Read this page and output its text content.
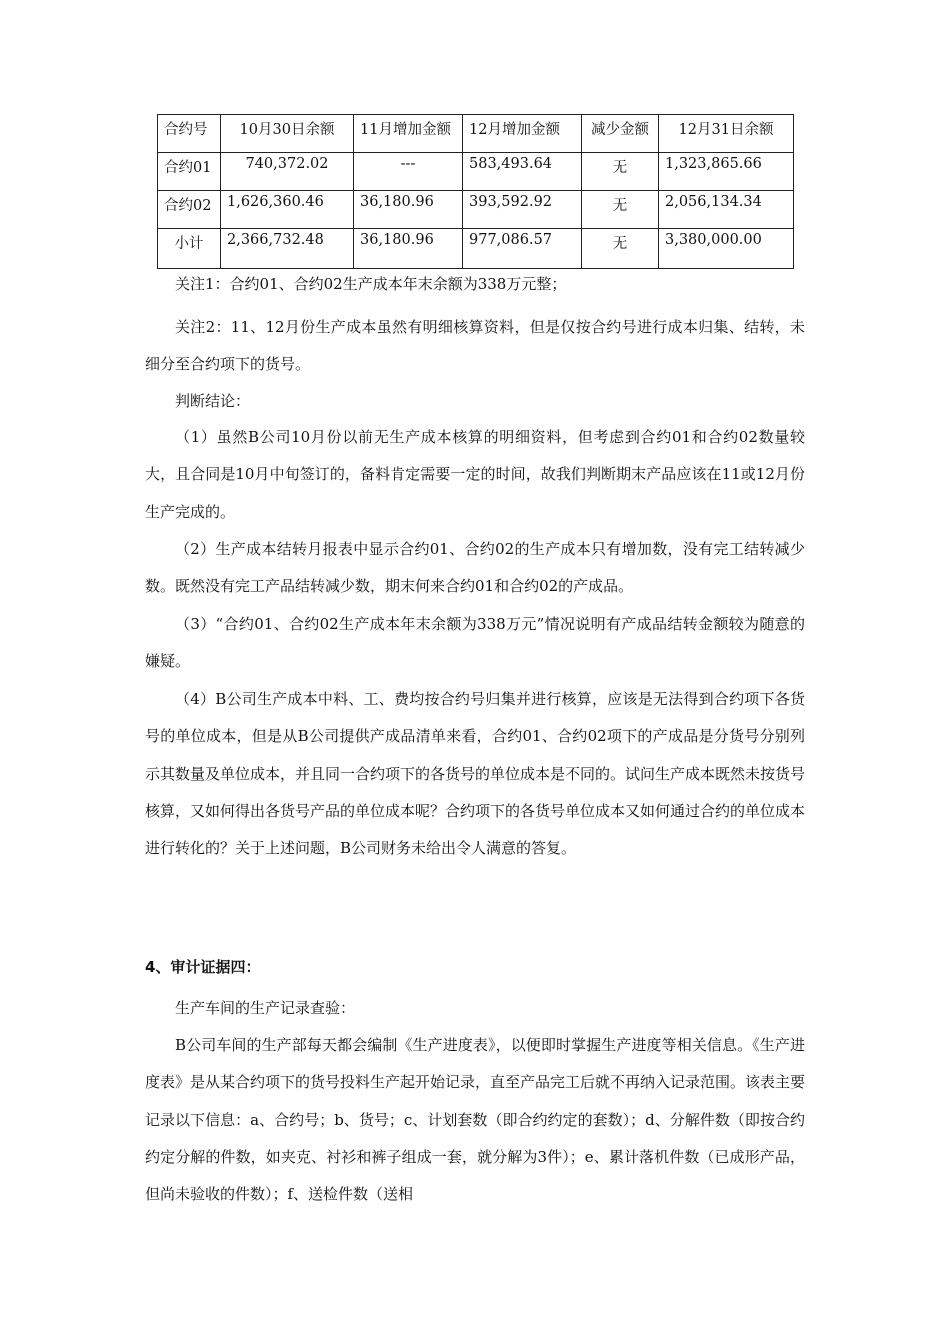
合约号	10月30日余额	11月增加金额	12月增加金额	减少金额	12月31日余额
合约01	740,372.02	---	583,493.64	无	1,323,865.66
合约02	1,626,360.46	36,180.96	393,592.92	无	2,056,134.34
小计	2,366,732.48	36,180.96	977,086.57	无	3,380,000.00

关注1：合约01、合约02生产成本年末余额为338万元整；

关注2：11、12月份生产成本虽然有明细核算资料，但是仅按合约号进行成本归集、结转，未细分至合约项下的货号。

判断结论：

（1）虽然B公司10月份以前无生产成本核算的明细资料，但考虑到合约01和合约02数量较大，且合同是10月中旬签订的，备料肯定需要一定的时间，故我们判断期末产品应该在11或12月份生产完成的。

（2）生产成本结转月报表中显示合约01、合约02的生产成本只有增加数，没有完工结转减少数。既然没有完工产品结转减少数，期末何来合约01和合约02的产成品。

（3）“合约01、合约02生产成本年末余额为338万元”情况说明有产成品结转金额较为随意的嫌疑。

（4）B公司生产成本中料、工、费均按合约号归集并进行核算，应该是无法得到合约项下各货号的单位成本，但是从B公司提供产成品清单来看，合约01、合约02项下的产成品是分货号分别列示其数量及单位成本，并且同一合约项下的各货号的单位成本是不同的。试问生产成本既然未按货号核算，又如何得出各货号产品的单位成本呢？合约项下的各货号单位成本又如何通过合约的单位成本进行转化的？关于上述问题，B公司财务未给出令人满意的答复。

4、审计证据四：

生产车间的生产记录查验：

B公司车间的生产部每天都会编制《生产进度表》，以便即时掌握生产进度等相关信息。《生产进度表》是从某合约项下的货号投料生产起开始记录，直至产品完工后就不再纳入记录范围。该表主要记录以下信息：a、合约号；b、货号；c、计划套数（即合约约定的套数）；d、分解件数（即按合约约定分解的件数，如夹克、衬衫和裤子组成一套，就分解为3件）；e、累计落机件数（已成形产品，但尚未验收的件数）；f、送检件数（送相
